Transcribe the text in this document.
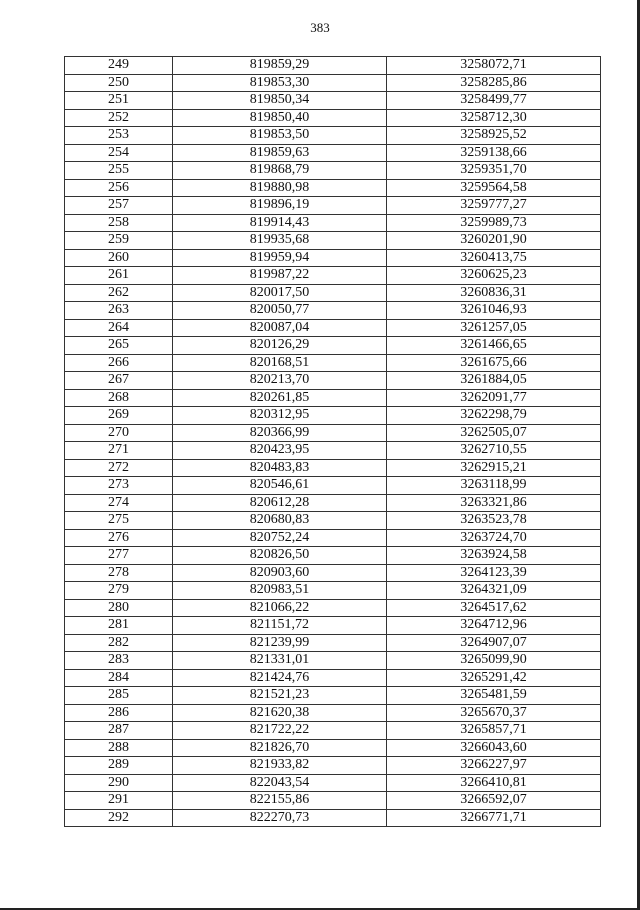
383
249	819859,29	3258072,71
250	819853,30	3258285,86
251	819850,34	3258499,77
252	819850,40	3258712,30
253	819853,50	3258925,52
254	819859,63	3259138,66
255	819868,79	3259351,70
256	819880,98	3259564,58
257	819896,19	3259777,27
258	819914,43	3259989,73
259	819935,68	3260201,90
260	819959,94	3260413,75
261	819987,22	3260625,23
262	820017,50	3260836,31
263	820050,77	3261046,93
264	820087,04	3261257,05
265	820126,29	3261466,65
266	820168,51	3261675,66
267	820213,70	3261884,05
268	820261,85	3262091,77
269	820312,95	3262298,79
270	820366,99	3262505,07
271	820423,95	3262710,55
272	820483,83	3262915,21
273	820546,61	3263118,99
274	820612,28	3263321,86
275	820680,83	3263523,78
276	820752,24	3263724,70
277	820826,50	3263924,58
278	820903,60	3264123,39
279	820983,51	3264321,09
280	821066,22	3264517,62
281	821151,72	3264712,96
282	821239,99	3264907,07
283	821331,01	3265099,90
284	821424,76	3265291,42
285	821521,23	3265481,59
286	821620,38	3265670,37
287	821722,22	3265857,71
288	821826,70	3266043,60
289	821933,82	3266227,97
290	822043,54	3266410,81
291	822155,86	3266592,07
292	822270,73	3266771,71
